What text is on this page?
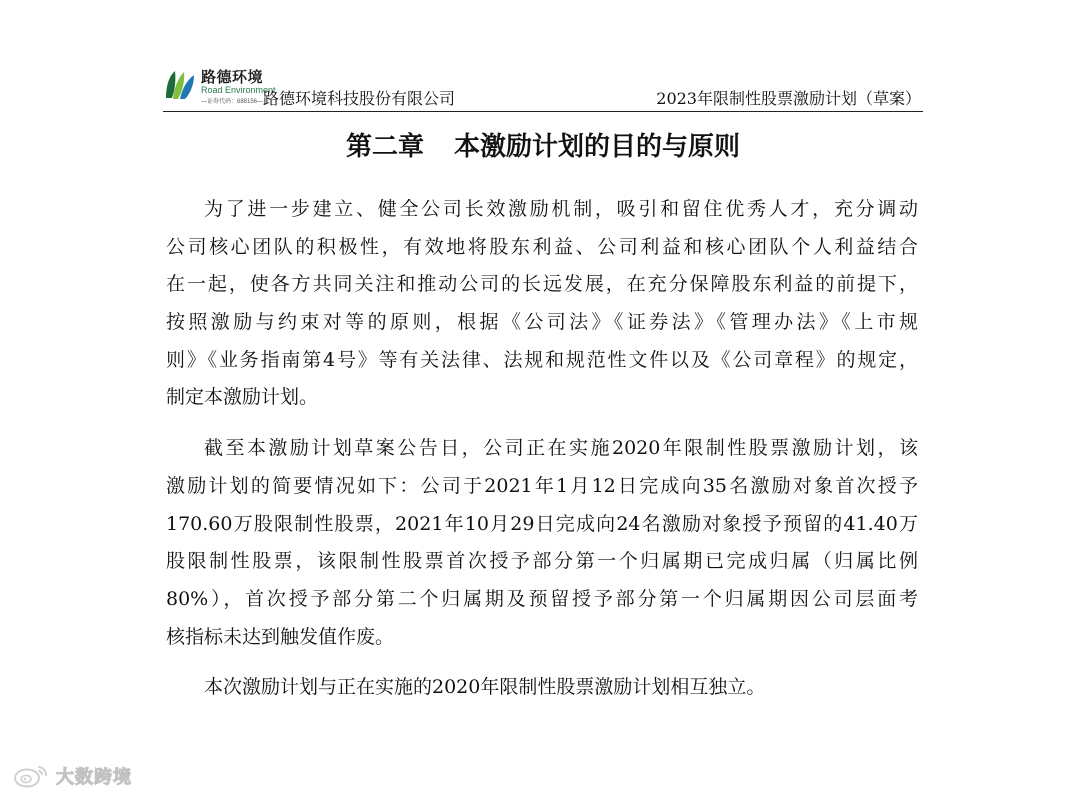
路德环境
Road Environment
—证券代码：688156— 路德环境科技股份有限公司	2023年限制性股票激励计划（草案）
第二章 本激励计划的目的与原则
为了进一步建立、健全公司长效激励机制，吸引和留住优秀人才，充分调动
公司核心团队的积极性，有效地将股东利益、公司利益和核心团队个人利益结合
在一起，使各方共同关注和推动公司的长远发展，在充分保障股东利益的前提下，
按照激励与约束对等的原则，根据《公司法》《证券法》《管理办法》《上市规
则》《业务指南第4号》等有关法律、法规和规范性文件以及《公司章程》的规定，
制定本激励计划。
截至本激励计划草案公告日，公司正在实施2020年限制性股票激励计划，该
激励计划的简要情况如下：公司于2021年1月12日完成向35名激励对象首次授予
170.60万股限制性股票，2021年10月29日完成向24名激励对象授予预留的41.40万
股限制性股票，该限制性股票首次授予部分第一个归属期已完成归属（归属比例
80%），首次授予部分第二个归属期及预留授予部分第一个归属期因公司层面考
核指标未达到触发值作废。
本次激励计划与正在实施的2020年限制性股票激励计划相互独立。
大数跨境
